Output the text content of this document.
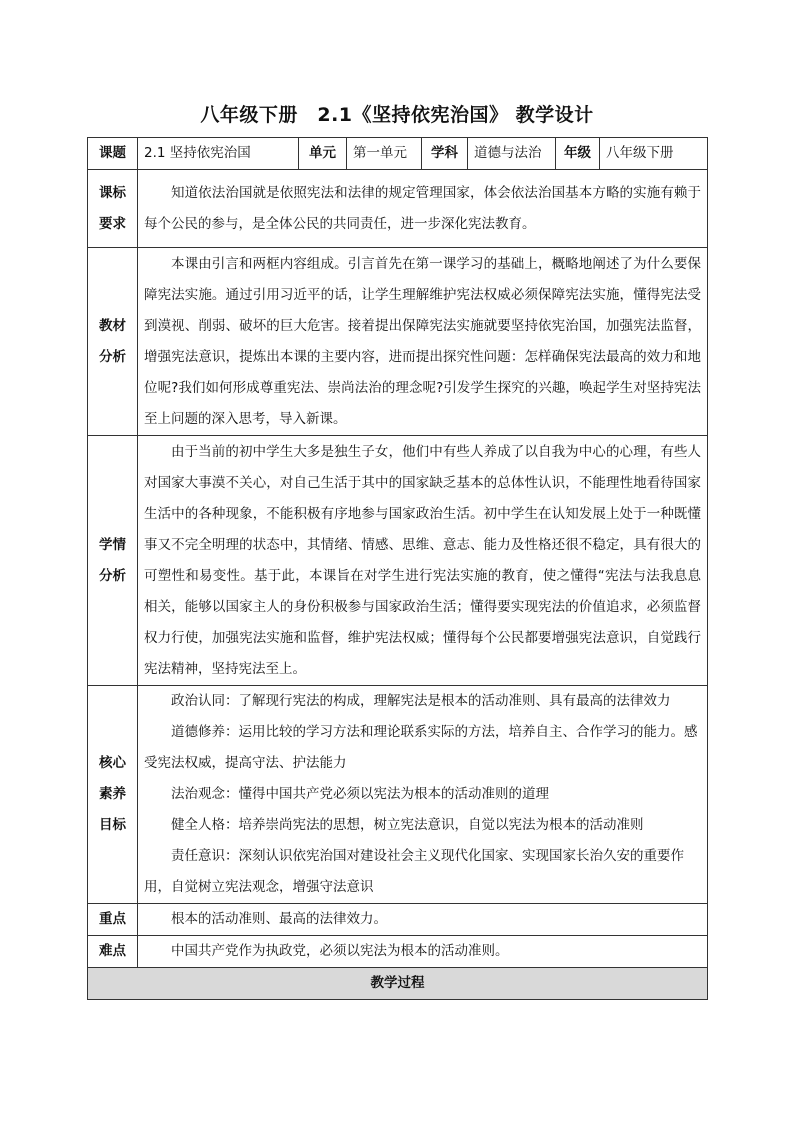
八年级下册　2.1《坚持依宪治国》 教学设计
课题	2.1 坚持依宪治国	单元	第一单元	学科	道德与法治	年级	八年级下册
课标要求	知道依法治国就是依照宪法和法律的规定管理国家，体会依法治国基本方略的实施有赖于每个公民的参与，是全体公民的共同责任，进一步深化宪法教育。						

教材分析	本课由引言和两框内容组成。引言首先在第一课学习的基础上，概略地阐述了为什么要保障宪法实施。通过引用习近平的话，让学生理解维护宪法权威必须保障宪法实施，懂得宪法受到漠视、削弱、破坏的巨大危害。接着提出保障宪法实施就要坚持依宪治国，加强宪法监督，增强宪法意识，提炼出本课的主要内容，进而提出探究性问题：怎样确保宪法最高的效力和地位呢?我们如何形成尊重宪法、崇尚法治的理念呢?引发学生探究的兴趣，唤起学生对坚持宪法至上问题的深入思考，导入新课。						

学情分析	由于当前的初中学生大多是独生子女，他们中有些人养成了以自我为中心的心理，有些人对国家大事漠不关心，对自己生活于其中的国家缺乏基本的总体性认识，不能理性地看待国家生活中的各种现象，不能积极有序地参与国家政治生活。初中学生在认知发展上处于一种既懂事又不完全明理的状态中，其情绪、情感、思维、意志、能力及性格还很不稳定，具有很大的可塑性和易变性。基于此，本课旨在对学生进行宪法实施的教育，使之懂得“宪法与法我息息相关，能够以国家主人的身份积极参与国家政治生活；懂得要实现宪法的价值追求，必须监督权力行使，加强宪法实施和监督，维护宪法权威；懂得每个公民都要增强宪法意识，自觉践行宪法精神，坚持宪法至上。						

核心素养目标	政治认同：了解现行宪法的构成，理解宪法是根本的活动准则、具有最高的法律效力

道德修养：运用比较的学习方法和理论联系实际的方法，培养自主、合作学习的能力。感受宪法权威，提高守法、护法能力

法治观念：懂得中国共产党必须以宪法为根本的活动准则的道理

健全人格：培养崇尚宪法的思想，树立宪法意识，自觉以宪法为根本的活动准则

责任意识：深刻认识依宪治国对建设社会主义现代化国家、实现国家长治久安的重要作用，自觉树立宪法观念，增强守法意识						

重点	根本的活动准则、最高的法律效力。						

难点	中国共产党作为执政党，必须以宪法为根本的活动准则。						

教学过程							
